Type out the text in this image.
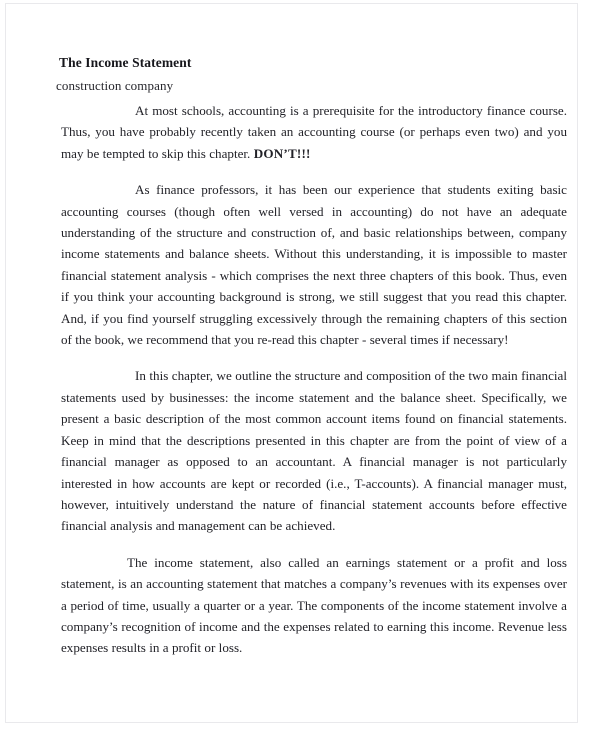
The Income Statement
construction company

At most schools, accounting is a prerequisite for the introductory finance course. Thus, you have probably recently taken an accounting course (or perhaps even two) and you may be tempted to skip this chapter. DON’T!!!

As finance professors, it has been our experience that students exiting basic accounting courses (though often well versed in accounting) do not have an adequate understanding of the structure and construction of, and basic relationships between, company income statements and balance sheets. Without this understanding, it is impossible to master financial statement analysis - which comprises the next three chapters of this book. Thus, even if you think your accounting background is strong, we still suggest that you read this chapter. And, if you find yourself struggling excessively through the remaining chapters of this section of the book, we recommend that you re-read this chapter - several times if necessary!

In this chapter, we outline the structure and composition of the two main financial statements used by businesses: the income statement and the balance sheet. Specifically, we present a basic description of the most common account items found on financial statements. Keep in mind that the descriptions presented in this chapter are from the point of view of a financial manager as opposed to an accountant. A financial manager is not particularly interested in how accounts are kept or recorded (i.e., T-accounts). A financial manager must, however, intuitively understand the nature of financial statement accounts before effective financial analysis and management can be achieved.

The income statement, also called an earnings statement or a profit and loss statement, is an accounting statement that matches a company’s revenues with its expenses over a period of time, usually a quarter or a year. The components of the income statement involve a company’s recognition of income and the expenses related to earning this income. Revenue less expenses results in a profit or loss.
